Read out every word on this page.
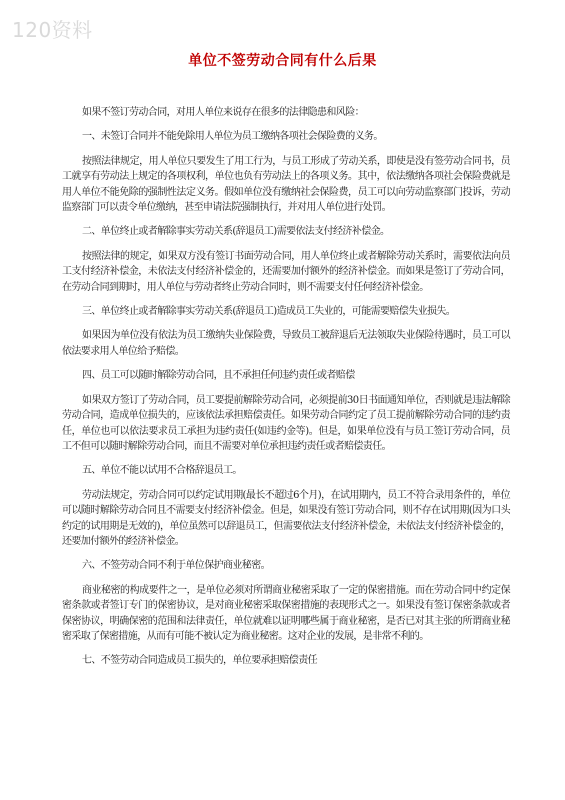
120资料
单位不签劳动合同有什么后果

如果不签订劳动合同，对用人单位来说存在很多的法律隐患和风险：

一、未签订合同并不能免除用人单位为员工缴纳各项社会保险费的义务。

按照法律规定，用人单位只要发生了用工行为，与员工形成了劳动关系，即使是没有签劳动合同书，员工就享有劳动法上规定的各项权利，单位也负有劳动法上的各项义务。其中，依法缴纳各项社会保险费就是用人单位不能免除的强制性法定义务。假如单位没有缴纳社会保险费，员工可以向劳动监察部门投诉，劳动监察部门可以责令单位缴纳，甚至申请法院强制执行，并对用人单位进行处罚。

二、单位终止或者解除事实劳动关系(辞退员工)需要依法支付经济补偿金。

按照法律的规定，如果双方没有签订书面劳动合同，用人单位终止或者解除劳动关系时，需要依法向员工支付经济补偿金，未依法支付经济补偿金的，还需要加付额外的经济补偿金。而如果是签订了劳动合同，在劳动合同到期时，用人单位与劳动者终止劳动合同时，则不需要支付任何经济补偿金。

三、单位终止或者解除事实劳动关系(辞退员工)造成员工失业的，可能需要赔偿失业损失。

如果因为单位没有依法为员工缴纳失业保险费，导致员工被辞退后无法领取失业保险待遇时，员工可以依法要求用人单位给予赔偿。

四、员工可以随时解除劳动合同，且不承担任何违约责任或者赔偿

如果双方签订了劳动合同，员工要提前解除劳动合同，必须提前30日书面通知单位，否则就是违法解除劳动合同，造成单位损失的，应该依法承担赔偿责任。如果劳动合同约定了员工提前解除劳动合同的违约责任，单位也可以依法要求员工承担为违约责任(如违约金等)。但是，如果单位没有与员工签订劳动合同，员工不但可以随时解除劳动合同，而且不需要对单位承担违约责任或者赔偿责任。

五、单位不能以试用不合格辞退员工。

劳动法规定，劳动合同可以约定试用期(最长不超过6个月)，在试用期内，员工不符合录用条件的，单位可以随时解除劳动合同且不需要支付经济补偿金。但是，如果没有签订劳动合同，则不存在试用期(因为口头约定的试用期是无效的)，单位虽然可以辞退员工，但需要依法支付经济补偿金，未依法支付经济补偿金的，还要加付额外的经济补偿金。

六、不签劳动合同不利于单位保护商业秘密。

商业秘密的构成要件之一，是单位必须对所谓商业秘密采取了一定的保密措施。而在劳动合同中约定保密条款或者签订专门的保密协议，是对商业秘密采取保密措施的表现形式之一。如果没有签订保密条款或者保密协议，明确保密的范围和法律责任，单位就难以证明哪些属于商业秘密，是否已对其主张的所谓商业秘密采取了保密措施，从而有可能不被认定为商业秘密。这对企业的发展，是非常不利的。

七、不签劳动合同造成员工损失的，单位要承担赔偿责任
